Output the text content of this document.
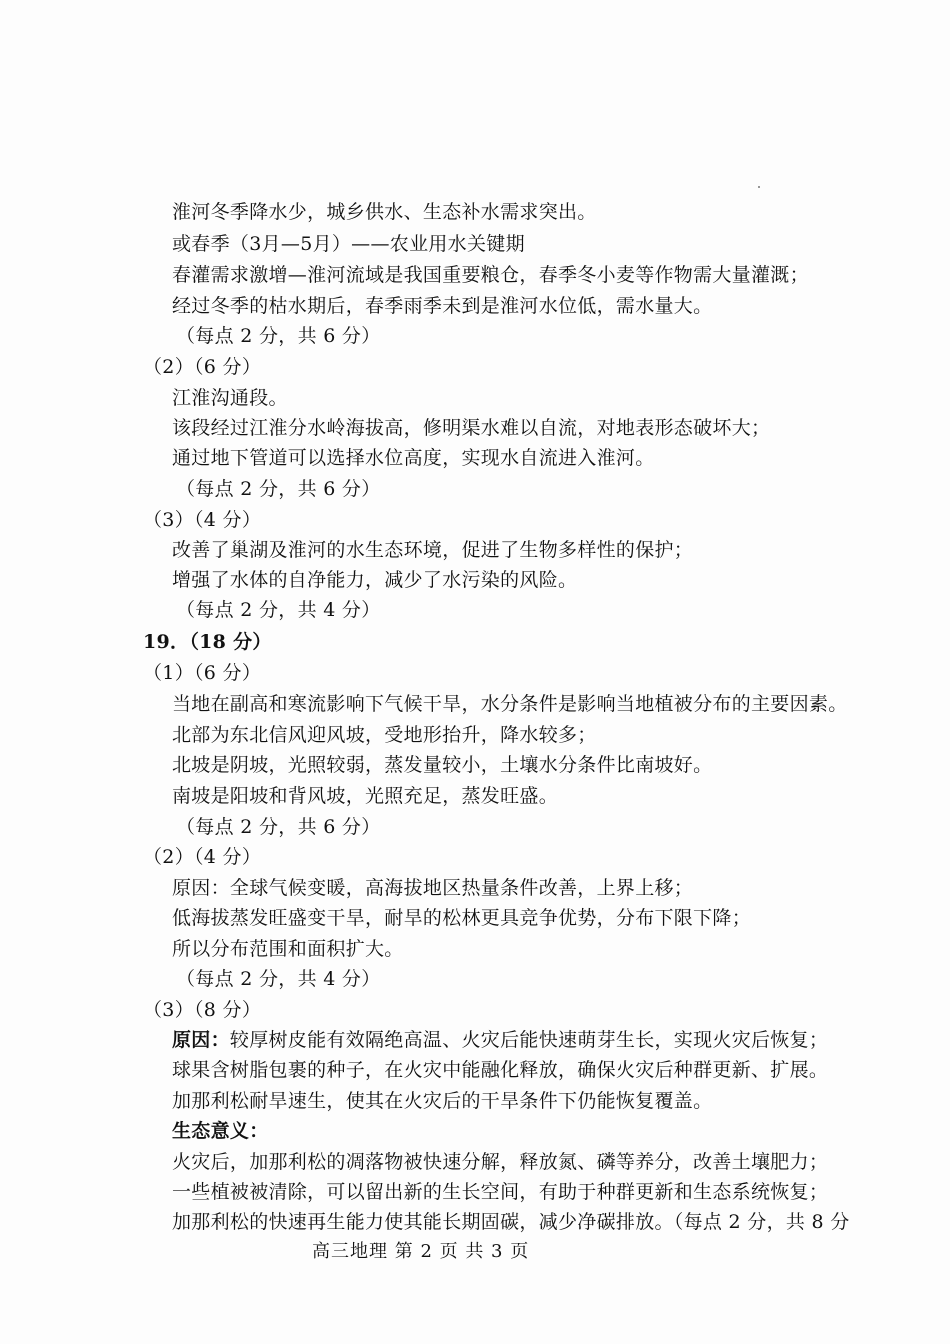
淮河冬季降水少，城乡供水、生态补水需求突出。
或春季（3月—5月）——农业用水关键期
春灌需求激增—淮河流域是我国重要粮仓，春季冬小麦等作物需大量灌溉；
经过冬季的枯水期后，春季雨季未到是淮河水位低，需水量大。
（每点 2 分，共 6 分）
（2）（6 分）
江淮沟通段。
该段经过江淮分水岭海拔高，修明渠水难以自流，对地表形态破坏大；
通过地下管道可以选择水位高度，实现水自流进入淮河。
（每点 2 分，共 6 分）
（3）（4 分）
改善了巢湖及淮河的水生态环境，促进了生物多样性的保护；
增强了水体的自净能力，减少了水污染的风险。
（每点 2 分，共 4 分）
19．（18 分）
（1）（6 分）
当地在副高和寒流影响下气候干旱，水分条件是影响当地植被分布的主要因素。
北部为东北信风迎风坡，受地形抬升，降水较多；
北坡是阴坡，光照较弱，蒸发量较小，土壤水分条件比南坡好。
南坡是阳坡和背风坡，光照充足，蒸发旺盛。
（每点 2 分，共 6 分）
（2）（4 分）
原因：全球气候变暖，高海拔地区热量条件改善，上界上移；
低海拔蒸发旺盛变干旱，耐旱的松林更具竞争优势，分布下限下降；
所以分布范围和面积扩大。
（每点 2 分，共 4 分）
（3）（8 分）
原因：较厚树皮能有效隔绝高温、火灾后能快速萌芽生长，实现火灾后恢复；
球果含树脂包裹的种子，在火灾中能融化释放，确保火灾后种群更新、扩展。
加那利松耐旱速生，使其在火灾后的干旱条件下仍能恢复覆盖。
生态意义：
火灾后，加那利松的凋落物被快速分解，释放氮、磷等养分，改善土壤肥力；
一些植被被清除，可以留出新的生长空间，有助于种群更新和生态系统恢复；
加那利松的快速再生能力使其能长期固碳，减少净碳排放。（每点 2 分，共 8 分
高三地理 第 2 页 共 3 页
